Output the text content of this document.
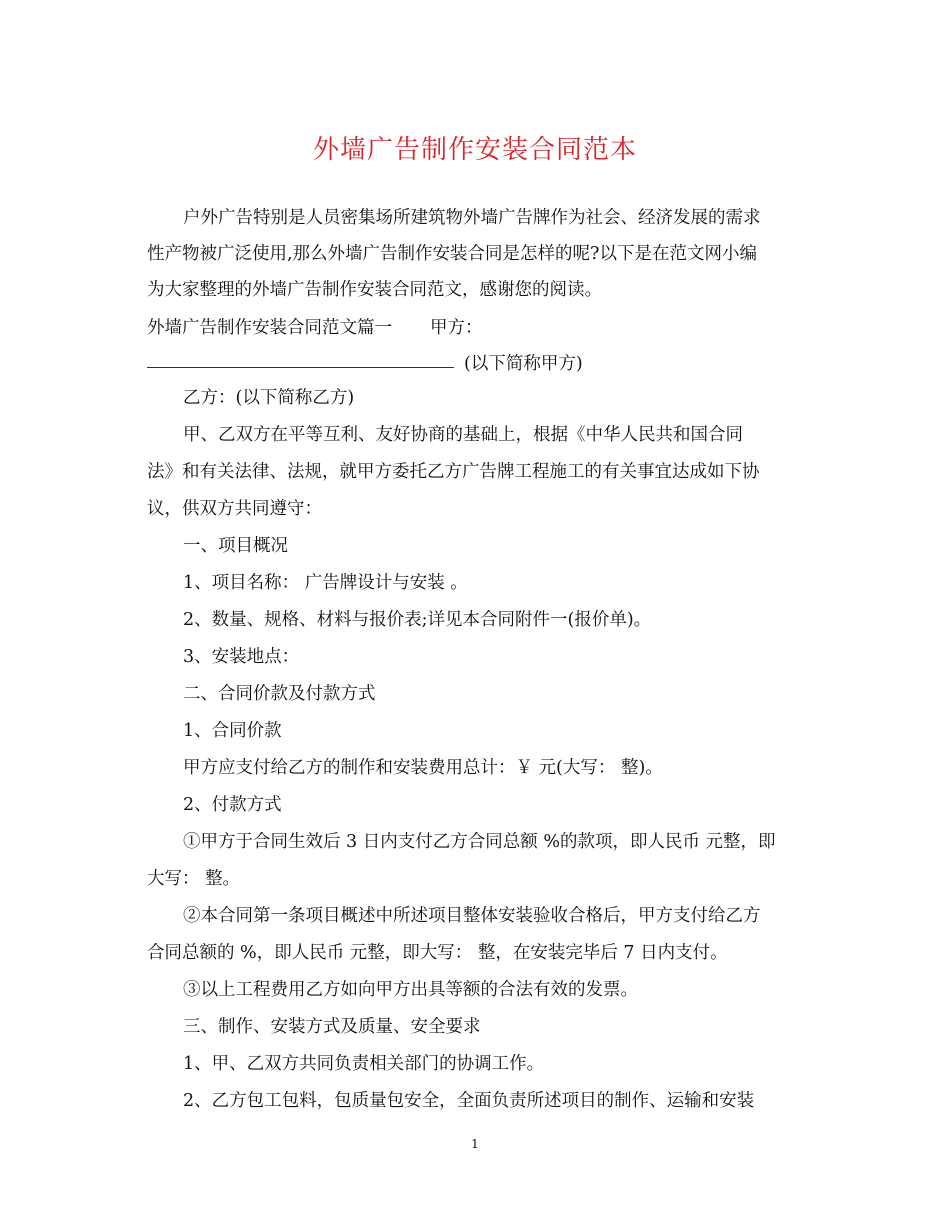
外墙广告制作安装合同范本

户外广告特别是人员密集场所建筑物外墙广告牌作为社会、经济发展的需求

性产物被广泛使用,那么外墙广告制作安装合同是怎样的呢?以下是在范文网小编

为大家整理的外墙广告制作安装合同范文，感谢您的阅读。

外墙广告制作安装合同范文篇一 甲方：
(以下简称甲方)

乙方：(以下简称乙方)

甲、乙双方在平等互利、友好协商的基础上，根据《中华人民共和国合同

法》和有关法律、法规，就甲方委托乙方广告牌工程施工的有关事宜达成如下协

议，供双方共同遵守：

一、项目概况

1、项目名称： 广告牌设计与安装 。

2、数量、规格、材料与报价表;详见本合同附件一(报价单)。

3、安装地点：

二、合同价款及付款方式

1、合同价款

甲方应支付给乙方的制作和安装费用总计：￥ 元(大写： 整)。

2、付款方式

①甲方于合同生效后 3 日内支付乙方合同总额 %的款项，即人民币 元整，即

大写： 整。

②本合同第一条项目概述中所述项目整体安装验收合格后，甲方支付给乙方

合同总额的 %，即人民币 元整，即大写： 整，在安装完毕后 7 日内支付。

③以上工程费用乙方如向甲方出具等额的合法有效的发票。

三、制作、安装方式及质量、安全要求

1、甲、乙双方共同负责相关部门的协调工作。

2、乙方包工包料，包质量包安全，全面负责所述项目的制作、运输和安装

1
